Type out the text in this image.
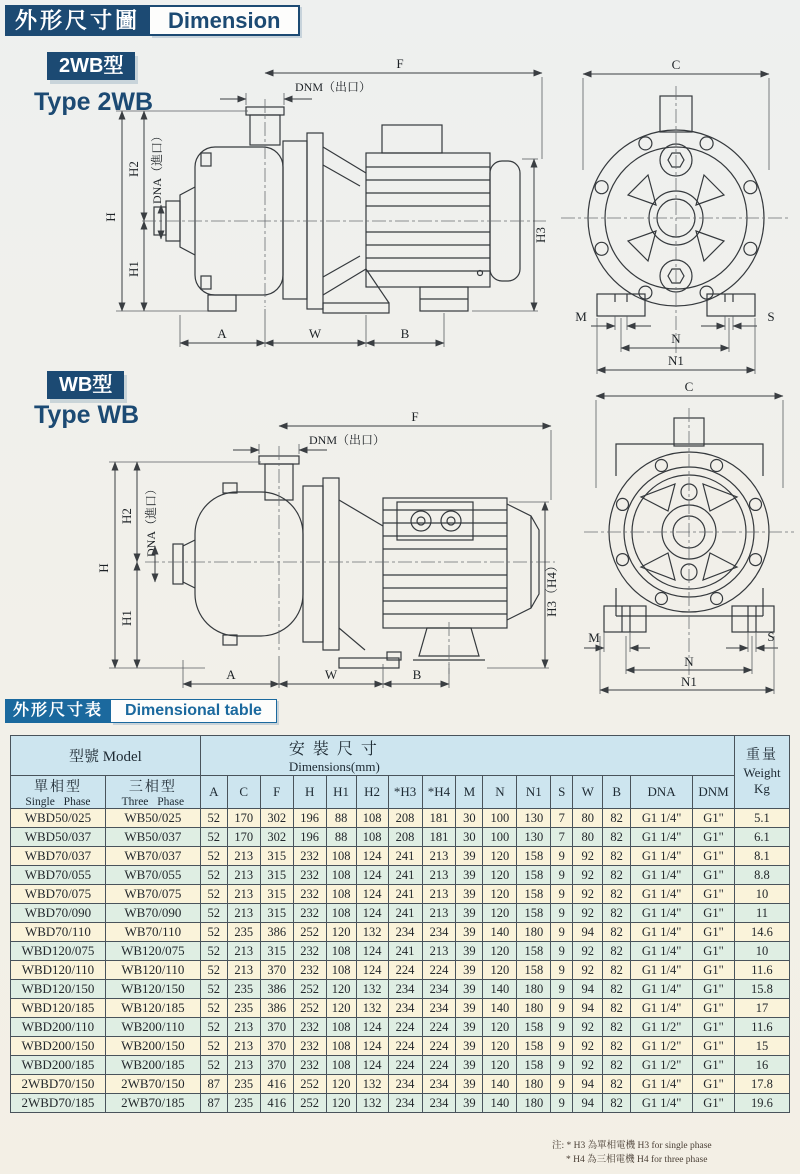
外形尺寸圖	Dimension
2WB型
Type 2WB
F
DNM（出口）
H
H2
H1
DNA（進口）
H3
A	W	B
C
M	S
N
N1
WB型
Type WB	F
DNM（出口）
H
H2
H1
DNA（進口）
H3（H4）
A	W	B
C
M	S
N
N1
外形尺寸表	Dimensional table
型號 Model	安裝尺寸
Dimensions(mm)

重量
Weight
Kg

單相型
Single Phase	三相型
Three Phase																	

		A	C	F	H	H1	H2	*H3	*H4	M	N	N1	S	W	B	DNA	DNM	
WBD50/025	WB50/025	52	170	302	196	88	108	208	181	30	100	130	7	80	82	G1 1/4"	G1"	5.1
WBD50/037	WB50/037	52	170	302	196	88	108	208	181	30	100	130	7	80	82	G1 1/4"	G1"	6.1
WBD70/037	WB70/037	52	213	315	232	108	124	241	213	39	120	158	9	92	82	G1 1/4"	G1"	8.1
WBD70/055	WB70/055	52	213	315	232	108	124	241	213	39	120	158	9	92	82	G1 1/4"	G1"	8.8
WBD70/075	WB70/075	52	213	315	232	108	124	241	213	39	120	158	9	92	82	G1 1/4"	G1"	10
WBD70/090	WB70/090	52	213	315	232	108	124	241	213	39	120	158	9	92	82	G1 1/4"	G1"	11
WBD70/110	WB70/110	52	235	386	252	120	132	234	234	39	140	180	9	94	82	G1 1/4"	G1"	14.6
WBD120/075	WB120/075	52	213	315	232	108	124	241	213	39	120	158	9	92	82	G1 1/4"	G1"	10
WBD120/110	WB120/110	52	213	370	232	108	124	224	224	39	120	158	9	92	82	G1 1/4"	G1"	11.6
WBD120/150	WB120/150	52	235	386	252	120	132	234	234	39	140	180	9	94	82	G1 1/4"	G1"	15.8
WBD120/185	WB120/185	52	235	386	252	120	132	234	234	39	140	180	9	94	82	G1 1/4"	G1"	17
WBD200/110	WB200/110	52	213	370	232	108	124	224	224	39	120	158	9	92	82	G1 1/2"	G1"	11.6
WBD200/150	WB200/150	52	213	370	232	108	124	224	224	39	120	158	9	92	82	G1 1/2"	G1"	15
WBD200/185	WB200/185	52	213	370	232	108	124	224	224	39	120	158	9	92	82	G1 1/2"	G1"	16
2WBD70/150	2WB70/150	87	235	416	252	120	132	234	234	39	140	180	9	94	82	G1 1/4"	G1"	17.8
2WBD70/185	2WB70/185	87	235	416	252	120	132	234	234	39	140	180	9	94	82	G1 1/4"	G1"	19.6
注: * H3 為單相電機 H3 for single phase
* H4 為三相電機 H4 for three phase
